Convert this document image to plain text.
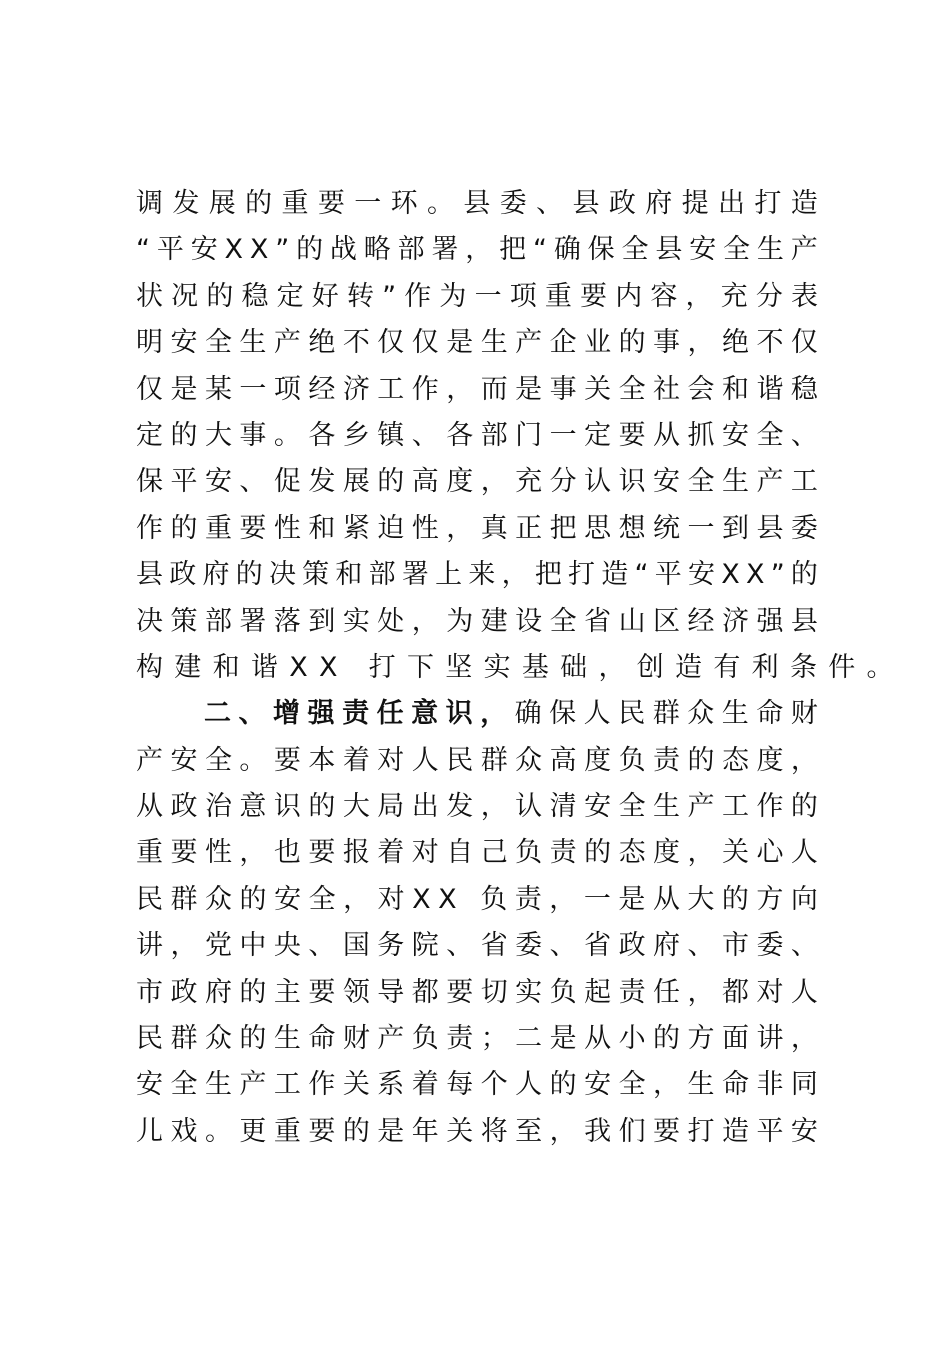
调 发 展 的 重 要 一 环 。 县 委 、 县 政 府 提 出 打 造
“ 平 安 X X ” 的 战 略 部 署 ， 把 “ 确 保 全 县 安 全 生 产
状 况 的 稳 定 好 转 ” 作 为 一 项 重 要 内 容 ， 充 分 表
明 安 全 生 产 绝 不 仅 仅 是 生 产 企 业 的 事 ， 绝 不 仅
仅 是 某 一 项 经 济 工 作 ， 而 是 事 关 全 社 会 和 谐 稳
定 的 大 事 。 各 乡 镇 、 各 部 门 一 定 要 从 抓 安 全 、
保 平 安 、 促 发 展 的 高 度 ， 充 分 认 识 安 全 生 产 工
作 的 重 要 性 和 紧 迫 性 ， 真 正 把 思 想 统 一 到 县 委
县 政 府 的 决 策 和 部 署 上 来 ， 把 打 造 “ 平 安 X X ” 的
决 策 部 署 落 到 实 处 ， 为 建 设 全 省 山 区 经 济 强 县
构 建 和 谐 X X
打 下 坚 实 基 础 ， 创 造 有 利 条 件 。
二 、 增 强 责 任 意 识 ， 确 保 人 民 群 众 生 命 财
产 安 全 。 要 本 着 对 人 民 群 众 高 度 负 责 的 态 度 ，
从 政 治 意 识 的 大 局 出 发 ， 认 清 安 全 生 产 工 作 的
重 要 性 ， 也 要 报 着 对 自 己 负 责 的 态 度 ， 关 心 人
民 群 众 的 安 全 ， 对 X X
负 责 ， 一 是 从 大 的 方 向
讲 ， 党 中 央 、 国 务 院 、 省 委 、 省 政 府 、 市 委 、
市 政 府 的 主 要 领 导 都 要 切 实 负 起 责 任 ， 都 对 人
民 群 众 的 生 命 财 产 负 责 ； 二 是 从 小 的 方 面 讲 ，
安 全 生 产 工 作 关 系 着 每 个 人 的 安 全 ， 生 命 非 同
儿 戏 。 更 重 要 的 是 年 关 将 至 ， 我 们 要 打 造 平 安
